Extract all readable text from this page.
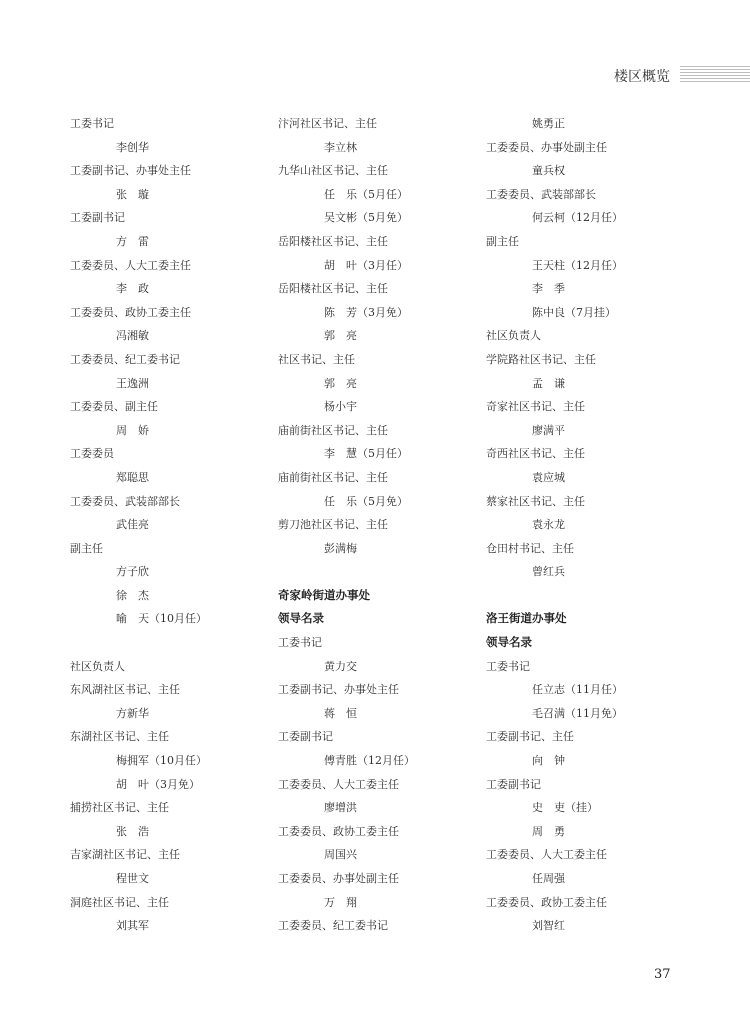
楼区概览
工委书记
李创华
工委副书记、办事处主任
张　璇
工委副书记
方　雷
工委委员、人大工委主任
李　政
工委委员、政协工委主任
冯湘敏
工委委员、纪工委书记
王逸洲
工委委员、副主任
周　娇
工委委员
郑聪思
工委委员、武装部部长
武佳亮
副主任
方子欣
徐　杰
喻　天（10月任）
社区负责人
东风湖社区书记、主任
方新华
东湖社区书记、主任
梅拥军（10月任）
胡　叶（3月免）
捕捞社区书记、主任
张　浩
吉家湖社区书记、主任
程世文
洞庭社区书记、主任
刘其军
汴河社区书记、主任
李立林
九华山社区书记、主任
任　乐（5月任）
吴文彬（5月免）
岳阳楼社区书记、主任
胡　叶（3月任）
岳阳楼社区书记、主任
陈　芳（3月免）
郭　亮
社区书记、主任
郭　亮
杨小宇
庙前街社区书记、主任
李　慧（5月任）
庙前街社区书记、主任
任　乐（5月免）
剪刀池社区书记、主任
彭满梅
奇家岭街道办事处
领导名录
工委书记
黄力交
工委副书记、办事处主任
蒋　恒
工委副书记
傅青胜（12月任）
工委委员、人大工委主任
廖增洪
工委委员、政协工委主任
周国兴
工委委员、办事处副主任
万　翔
工委委员、纪工委书记
姚勇正
工委委员、办事处副主任
童兵权
工委委员、武装部部长
何云柯（12月任）
副主任
王天柱（12月任）
李　季
陈中良（7月挂）
社区负责人
学院路社区书记、主任
孟　谦
奇家社区书记、主任
廖满平
奇西社区书记、主任
袁应城
蔡家社区书记、主任
袁永龙
仓田村书记、主任
曾红兵
洛王街道办事处
领导名录
工委书记
任立志（11月任）
毛召满（11月免）
工委副书记、主任
向　钟
工委副书记
史　吏（挂）
周　勇
工委委员、人大工委主任
任周强
工委委员、政协工委主任
刘智红
37
